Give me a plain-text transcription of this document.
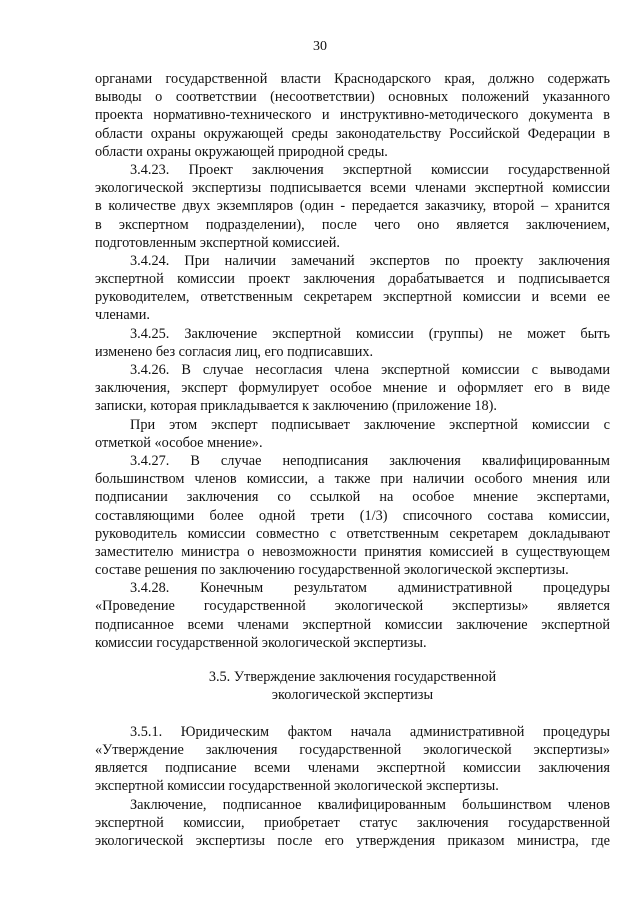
30
органами государственной власти Краснодарского края, должно содержать
выводы о соответствии (несоответствии) основных положений указанного
проекта нормативно-технического и инструктивно-методического документа в
области охраны окружающей среды законодательству Российской Федерации в
области охраны окружающей природной среды.
3.4.23. Проект заключения экспертной комиссии государственной
экологической экспертизы подписывается всеми членами экспертной комиссии
в количестве двух экземпляров (один - передается заказчику, второй – хранится
в экспертном подразделении), после чего оно является заключением,
подготовленным экспертной комиссией.
3.4.24. При наличии замечаний экспертов по проекту заключения
экспертной комиссии проект заключения дорабатывается и подписывается
руководителем, ответственным секретарем экспертной комиссии и всеми ее
членами.
3.4.25. Заключение экспертной комиссии (группы) не может быть
изменено без согласия лиц, его подписавших.
3.4.26. В случае несогласия члена экспертной комиссии с выводами
заключения, эксперт формулирует особое мнение и оформляет его в виде
записки, которая прикладывается к заключению (приложение 18).
При этом эксперт подписывает заключение экспертной комиссии с
отметкой «особое мнение».
3.4.27. В случае неподписания заключения квалифицированным
большинством членов комиссии, а также при наличии особого мнения или
подписании заключения со ссылкой на особое мнение экспертами,
составляющими более одной трети (1/3) списочного состава комиссии,
руководитель комиссии совместно с ответственным секретарем докладывают
заместителю министра о невозможности принятия комиссией в существующем
составе решения по заключению государственной экологической экспертизы.
3.4.28. Конечным результатом административной процедуры
«Проведение государственной экологической экспертизы» является
подписанное всеми членами экспертной комиссии заключение экспертной
комиссии государственной экологической экспертизы.
3.5. Утверждение заключения государственной
экологической экспертизы
3.5.1. Юридическим фактом начала административной процедуры
«Утверждение заключения государственной экологической экспертизы»
является подписание всеми членами экспертной комиссии заключения
экспертной комиссии государственной экологической экспертизы.
Заключение, подписанное квалифицированным большинством членов
экспертной комиссии, приобретает статус заключения государственной
экологической экспертизы после его утверждения приказом министра, где
